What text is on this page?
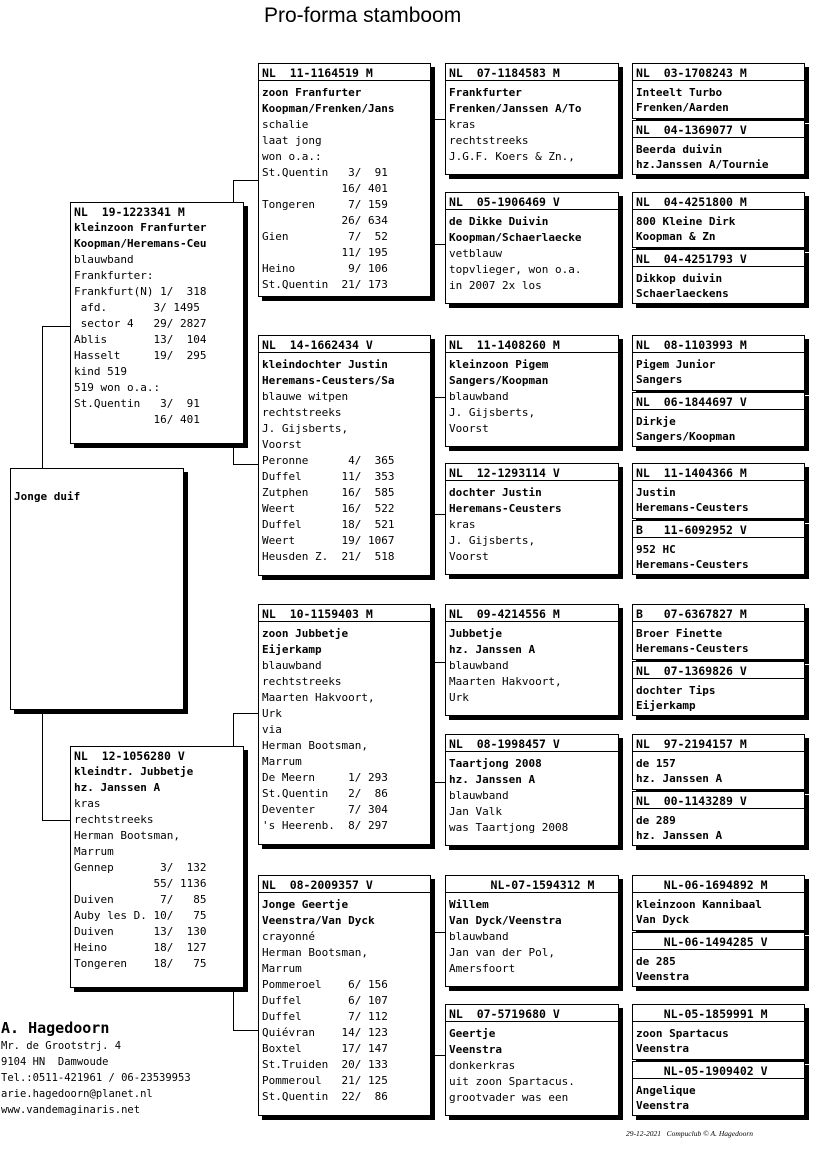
Pro-forma stamboom
Jonge duif
NL  19-1223341 M
kleinzoon Franfurter
Koopman/Heremans-Ceu
blauwband
Frankfurter:
Frankfurt(N) 1/  318
afd.       3/ 1495
sector 4   29/ 2827
Ablis       13/  104
Hasselt     19/  295
kind 519
519 won o.a.:
St.Quentin   3/  91
16/ 401
NL  12-1056280 V
kleindtr. Jubbetje
hz. Janssen A
kras
rechtstreeks
Herman Bootsman,
Marrum
Gennep       3/  132
55/ 1136
Duiven       7/   85
Auby les D. 10/   75
Duiven      13/  130
Heino       18/  127
Tongeren    18/   75
NL  11-1164519 M
zoon Franfurter
Koopman/Frenken/Jans
schalie
laat jong
won o.a.:
St.Quentin   3/  91
16/ 401
Tongeren     7/ 159
26/ 634
Gien         7/  52
11/ 195
Heino        9/ 106
St.Quentin  21/ 173
NL  14-1662434 V
kleindochter Justin
Heremans-Ceusters/Sa
blauwe witpen
rechtstreeks
J. Gijsberts,
Voorst
Peronne      4/  365
Duffel      11/  353
Zutphen     16/  585
Weert       16/  522
Duffel      18/  521
Weert       19/ 1067
Heusden Z.  21/  518
NL  10-1159403 M
zoon Jubbetje
Eijerkamp
blauwband
rechtstreeks
Maarten Hakvoort,
Urk
via
Herman Bootsman,
Marrum
De Meern     1/ 293
St.Quentin   2/  86
Deventer     7/ 304
's Heerenb.  8/ 297
NL  08-2009357 V
Jonge Geertje
Veenstra/Van Dyck
crayonné
Herman Bootsman,
Marrum
Pommeroel    6/ 156
Duffel       6/ 107
Duffel       7/ 112
Quiévran    14/ 123
Boxtel      17/ 147
St.Truiden  20/ 133
Pommeroul   21/ 125
St.Quentin  22/  86
NL  07-1184583 M
Frankfurter
Frenken/Janssen A/To
kras
rechtstreeks
J.G.F. Koers & Zn.,
NL  05-1906469 V
de Dikke Duivin
Koopman/Schaerlaecke
vetblauw
topvlieger, won o.a.
in 2007 2x los
NL  11-1408260 M
kleinzoon Pigem
Sangers/Koopman
blauwband
J. Gijsberts,
Voorst
NL  12-1293114 V
dochter Justin
Heremans-Ceusters
kras
J. Gijsberts,
Voorst
NL  09-4214556 M
Jubbetje
hz. Janssen A
blauwband
Maarten Hakvoort,
Urk
NL  08-1998457 V
Taartjong 2008
hz. Janssen A
blauwband
Jan Valk
was Taartjong 2008
NL-07-1594312 M
Willem
Van Dyck/Veenstra
blauwband
Jan van der Pol,
Amersfoort
NL  07-5719680 V
Geertje
Veenstra
donkerkras
uit zoon Spartacus.
grootvader was een
NL  03-1708243 M
Inteelt Turbo
Frenken/Aarden
NL  04-1369077 V
Beerda duivin
hz.Janssen A/Tournie
NL  04-4251800 M
800 Kleine Dirk
Koopman & Zn
NL  04-4251793 V
Dikkop duivin
Schaerlaeckens
NL  08-1103993 M
Pigem Junior
Sangers
NL  06-1844697 V
Dirkje
Sangers/Koopman
NL  11-1404366 M
Justin
Heremans-Ceusters
B   11-6092952 V
952 HC
Heremans-Ceusters
B   07-6367827 M
Broer Finette
Heremans-Ceusters
NL  07-1369826 V
dochter Tips
Eijerkamp
NL  97-2194157 M
de 157
hz. Janssen A
NL  00-1143289 V
de 289
hz. Janssen A
NL-06-1694892 M
kleinzoon Kannibaal
Van Dyck
NL-06-1494285 V
de 285
Veenstra
NL-05-1859991 M
zoon Spartacus
Veenstra
NL-05-1909402 V
Angelique
Veenstra
A. Hagedoorn
Mr. de Grootstrj. 4
9104 HN  Damwoude
Tel.:0511-421961 / 06-23539953
arie.hagedoorn@planet.nl
www.vandemaginaris.net
29-12-2021 Compuclub © A. Hagedoorn
